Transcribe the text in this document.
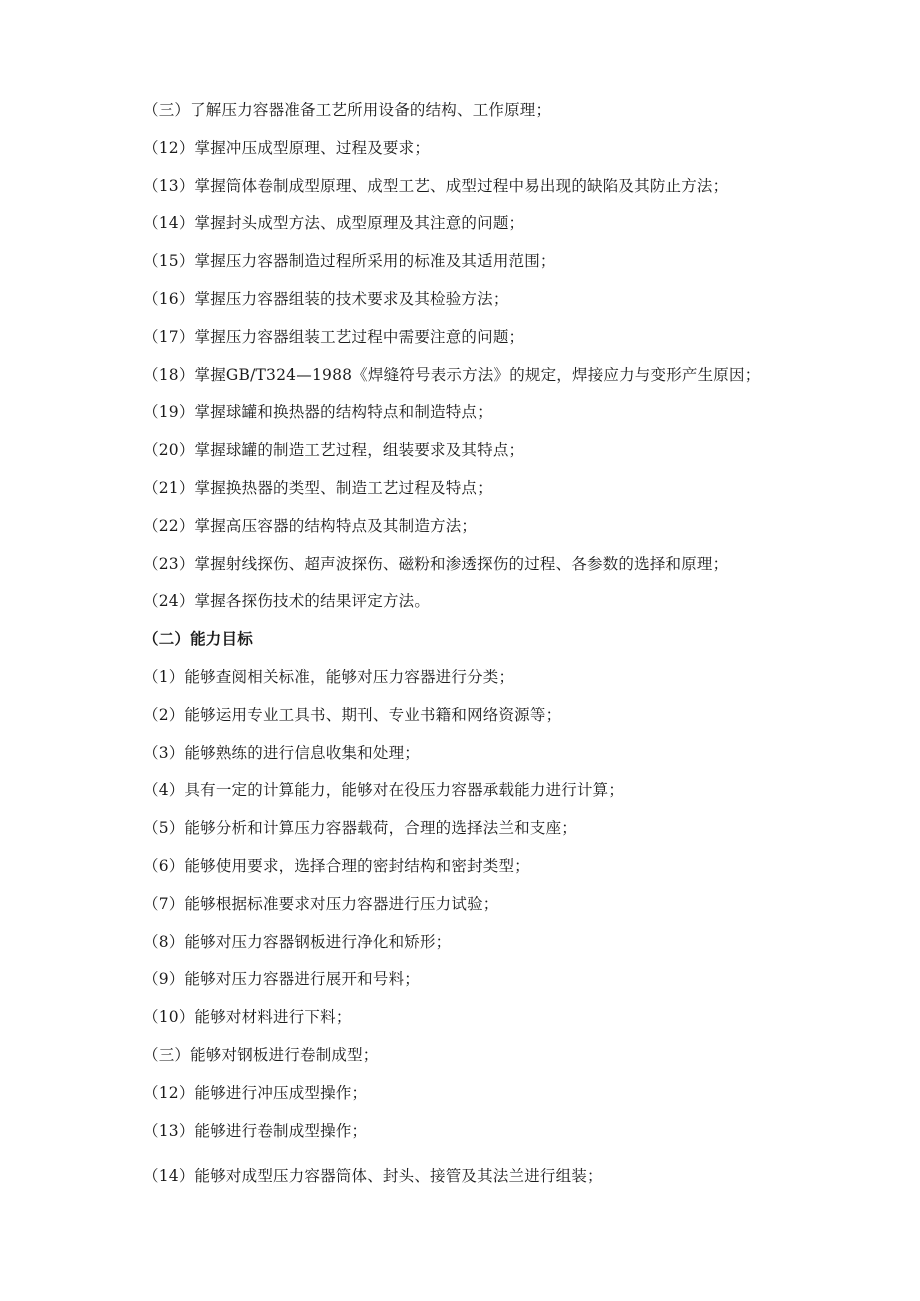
（三）了解压力容器准备工艺所用设备的结构、工作原理；
（12）掌握冲压成型原理、过程及要求；
（13）掌握筒体卷制成型原理、成型工艺、成型过程中易出现的缺陷及其防止方法；
（14）掌握封头成型方法、成型原理及其注意的问题；
（15）掌握压力容器制造过程所采用的标准及其适用范围；
（16）掌握压力容器组装的技术要求及其检验方法；
（17）掌握压力容器组装工艺过程中需要注意的问题；
（18）掌握GB/T324—1988《焊缝符号表示方法》的规定，焊接应力与变形产生原因；
（19）掌握球罐和换热器的结构特点和制造特点；
（20）掌握球罐的制造工艺过程，组装要求及其特点；
（21）掌握换热器的类型、制造工艺过程及特点；
（22）掌握高压容器的结构特点及其制造方法；
（23）掌握射线探伤、超声波探伤、磁粉和渗透探伤的过程、各参数的选择和原理；
（24）掌握各探伤技术的结果评定方法。
（二）能力目标
（1）能够查阅相关标准，能够对压力容器进行分类；
（2）能够运用专业工具书、期刊、专业书籍和网络资源等；
（3）能够熟练的进行信息收集和处理；
（4）具有一定的计算能力，能够对在役压力容器承载能力进行计算；
（5）能够分析和计算压力容器载荷，合理的选择法兰和支座；
（6）能够使用要求，选择合理的密封结构和密封类型；
（7）能够根据标准要求对压力容器进行压力试验；
（8）能够对压力容器钢板进行净化和矫形；
（9）能够对压力容器进行展开和号料；
（10）能够对材料进行下料；
（三）能够对钢板进行卷制成型；
（12）能够进行冲压成型操作；
（13）能够进行卷制成型操作；
（14）能够对成型压力容器筒体、封头、接管及其法兰进行组装；
